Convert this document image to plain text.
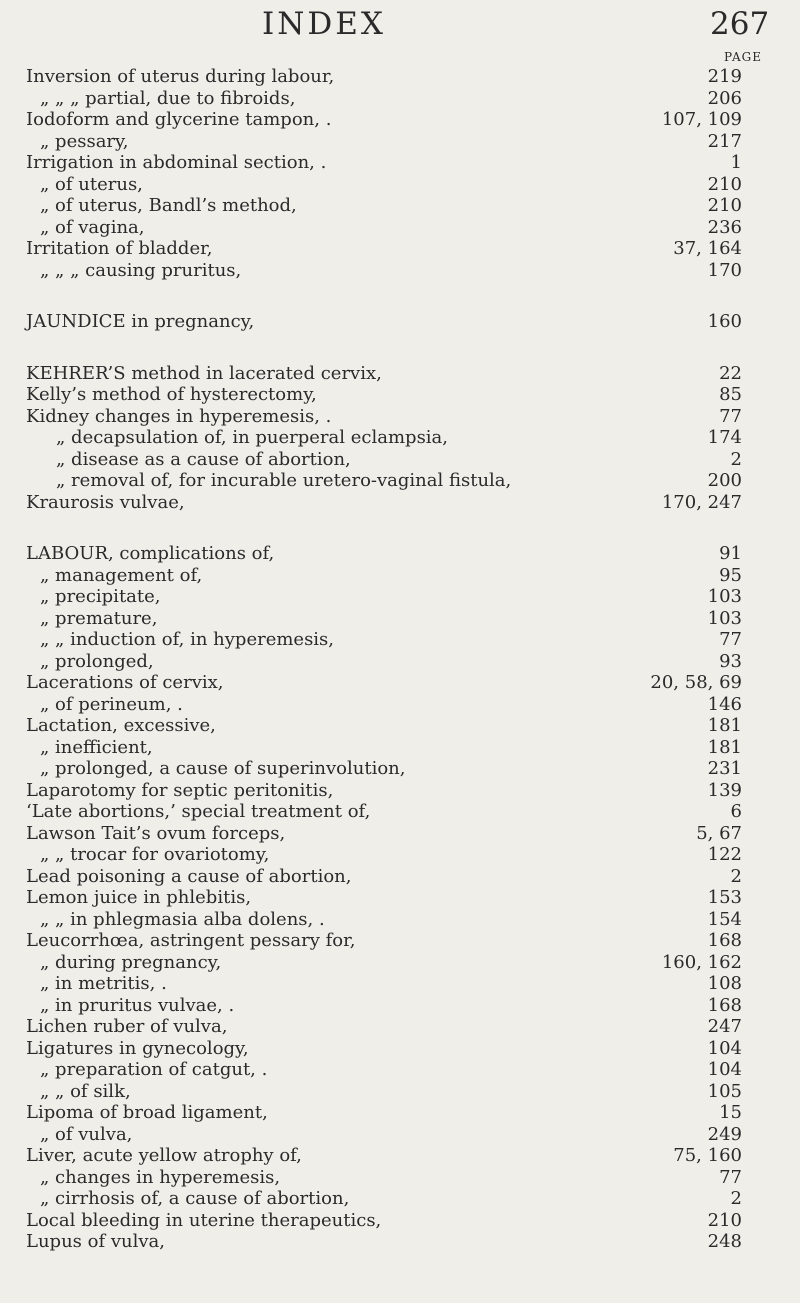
INDEX	267
PAGE
Inversion of uterus during labour,	219
„ „ „ partial, due to fibroids,	206
Iodoform and glycerine tampon, .	107, 109
„ pessary,	217
Irrigation in abdominal section, .	1
„ of uterus,	210
„ of uterus, Bandl’s method,	210
„ of vagina,	236
Irritation of bladder,	37, 164
„ „ „ causing pruritus,	170
JAUNDICE in pregnancy,	160
KEHRER’S method in lacerated cervix,	22
Kelly’s method of hysterectomy,	85
Kidney changes in hyperemesis, .	77
„ decapsulation of, in puerperal eclampsia,	174
„ disease as a cause of abortion,	2
„ removal of, for incurable uretero-vaginal fistula,	200
Kraurosis vulvae,	170, 247
LABOUR, complications of,	91
„ management of,	95
„ precipitate,	103
„ premature,	103
„ „ induction of, in hyperemesis,	77
„ prolonged,	93
Lacerations of cervix,	20, 58, 69
„ of perineum, .	146
Lactation, excessive,	181
„ inefficient,	181
„ prolonged, a cause of superinvolution,	231
Laparotomy for septic peritonitis,	139
‘Late abortions,’ special treatment of,	6
Lawson Tait’s ovum forceps,	5, 67
„ „ trocar for ovariotomy,	122
Lead poisoning a cause of abortion,	2
Lemon juice in phlebitis,	153
„ „ in phlegmasia alba dolens, .	154
Leucorrhœa, astringent pessary for,	168
„ during pregnancy,	160, 162
„ in metritis, .	108
„ in pruritus vulvae, .	168
Lichen ruber of vulva,	247
Ligatures in gynecology,	104
„ preparation of catgut, .	104
„ „ of silk,	105
Lipoma of broad ligament,	15
„ of vulva,	249
Liver, acute yellow atrophy of,	75, 160
„ changes in hyperemesis,	77
„ cirrhosis of, a cause of abortion,	2
Local bleeding in uterine therapeutics,	210
Lupus of vulva,	248
